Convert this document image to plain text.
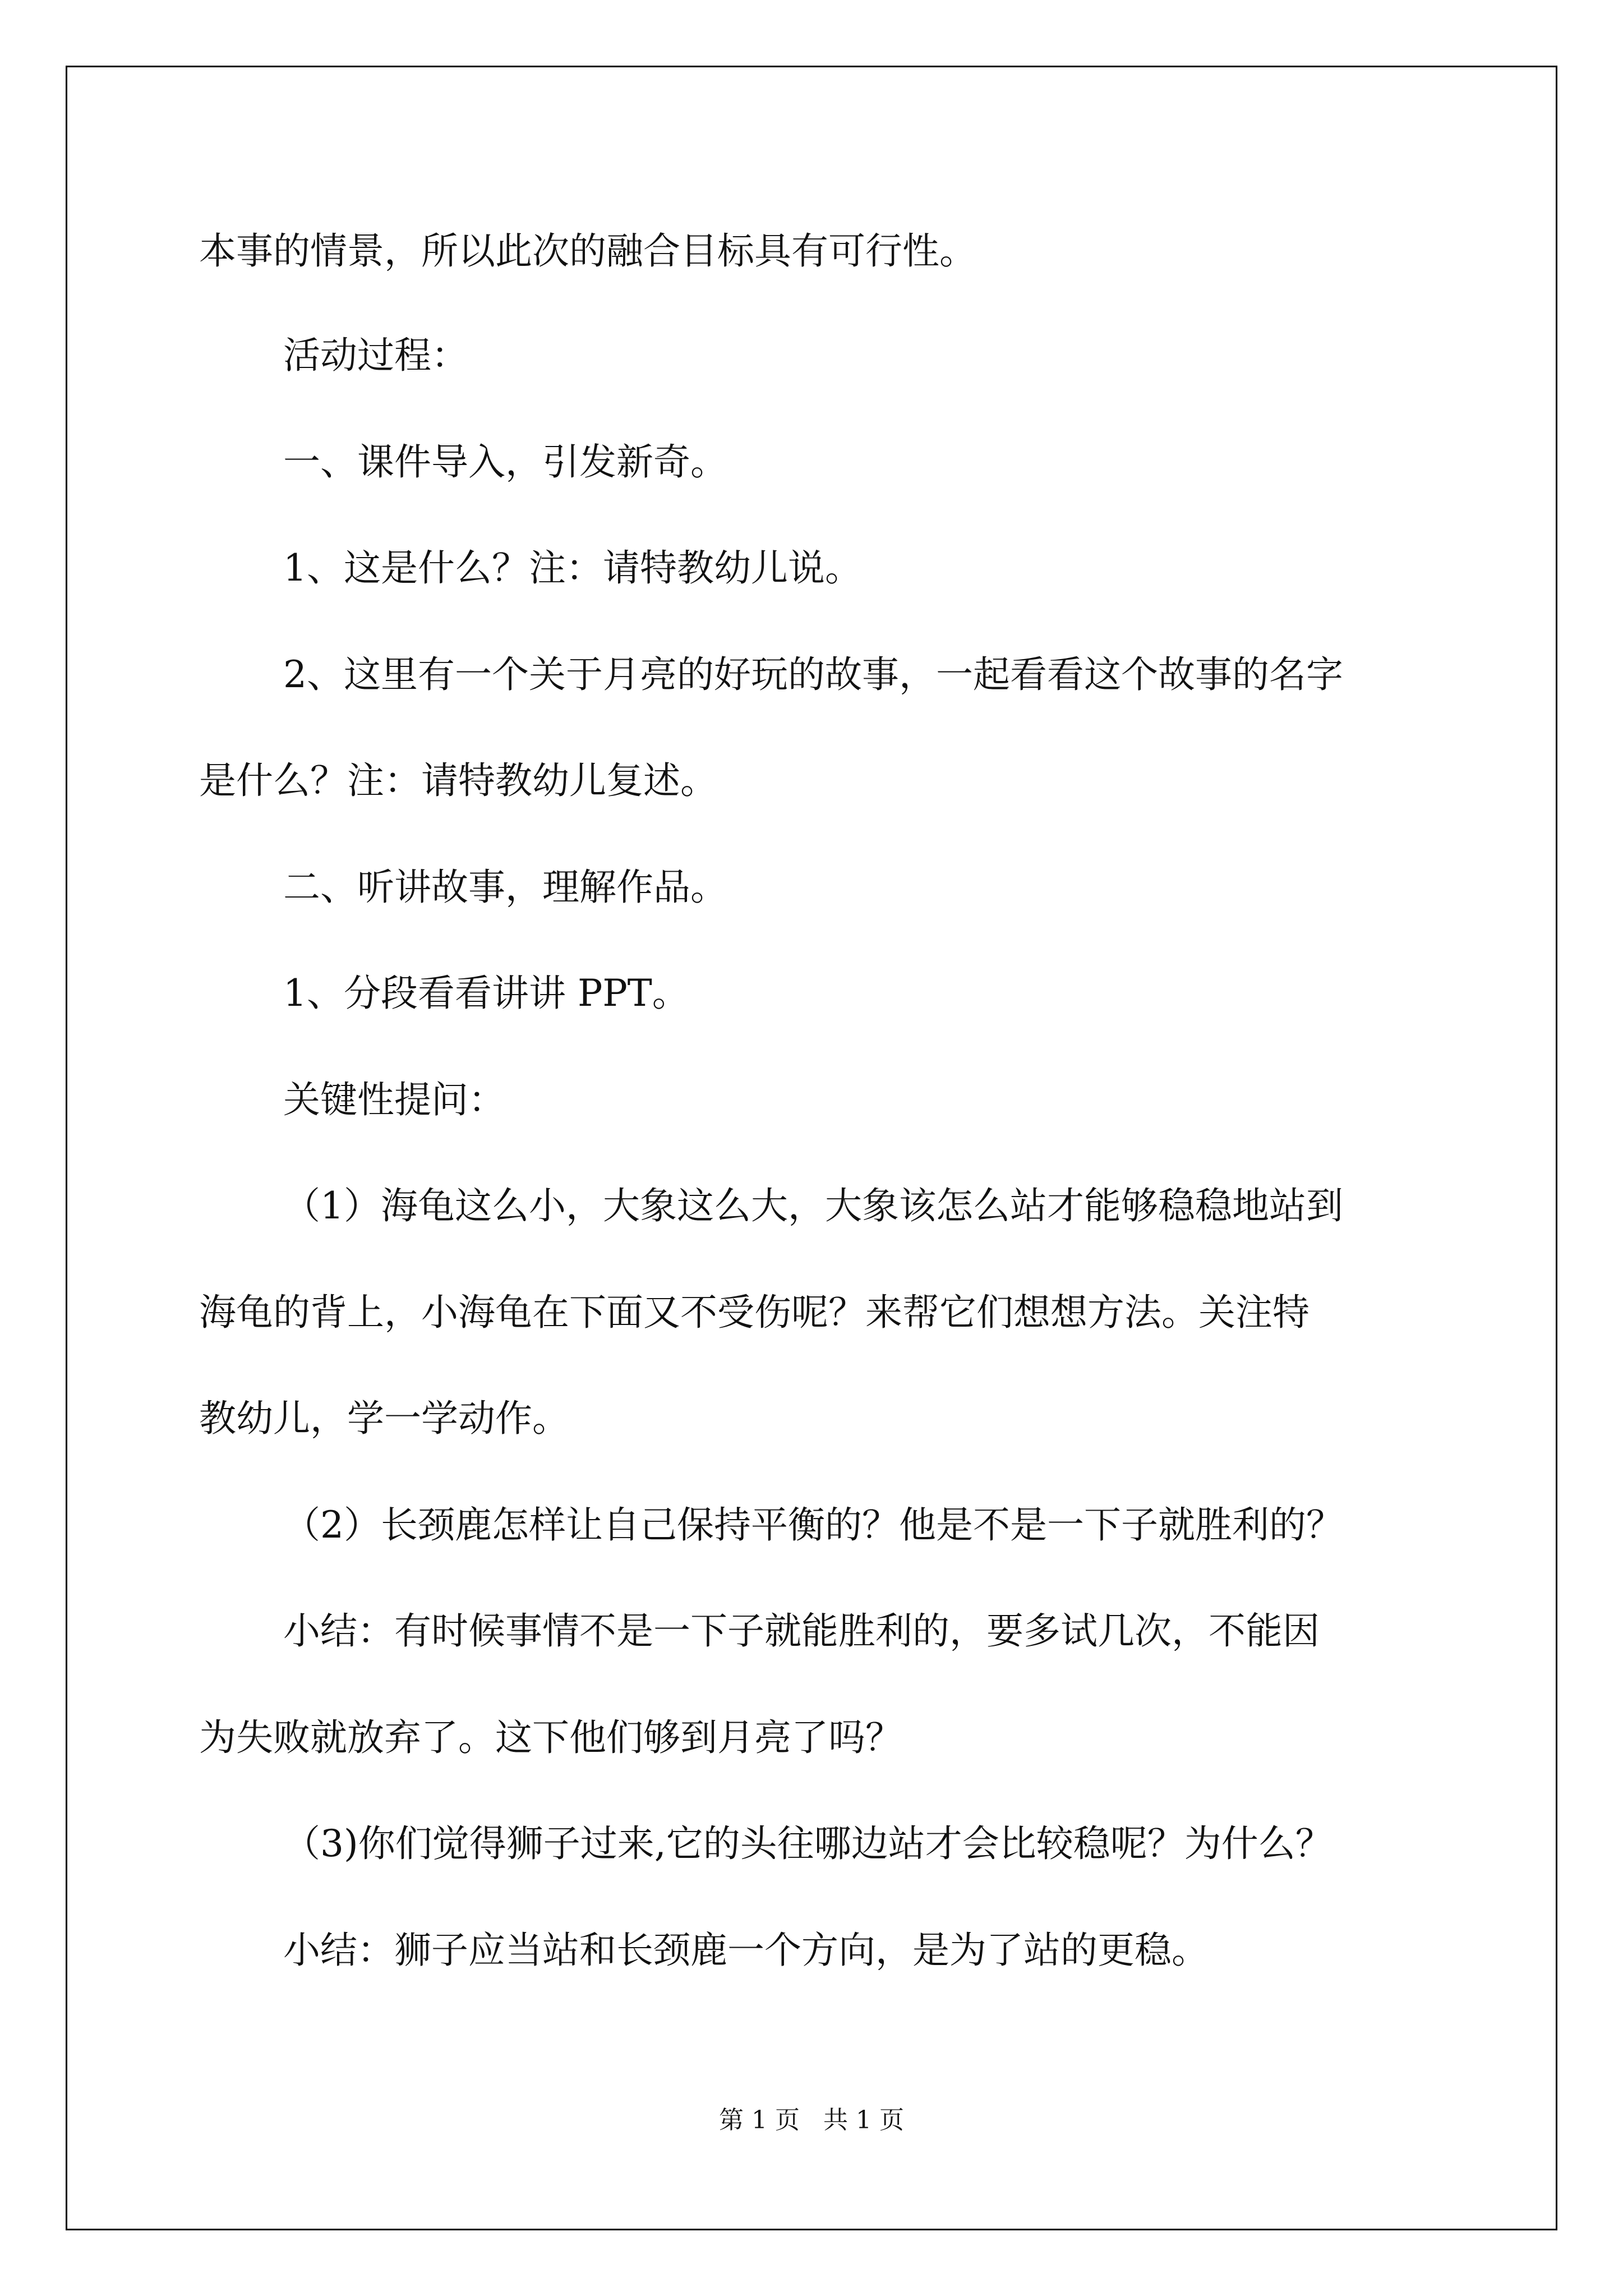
本事的情景，所以此次的融合目标具有可行性。

活动过程：

一、课件导入，引发新奇。

1、这是什么？注：请特教幼儿说。

2、这里有一个关于月亮的好玩的故事，一起看看这个故事的名字

是什么？注：请特教幼儿复述。

二、听讲故事，理解作品。

1、分段看看讲讲 PPT。

关键性提问：

（1）海龟这么小，大象这么大，大象该怎么站才能够稳稳地站到

海龟的背上，小海龟在下面又不受伤呢？来帮它们想想方法。关注特

教幼儿，学一学动作。

（2）长颈鹿怎样让自己保持平衡的？他是不是一下子就胜利的？

小结：有时候事情不是一下子就能胜利的，要多试几次，不能因

为失败就放弃了。这下他们够到月亮了吗？

（3)你们觉得狮子过来,它的头往哪边站才会比较稳呢？为什么？

小结：狮子应当站和长颈鹿一个方向，是为了站的更稳。

第 1 页   共 1 页
